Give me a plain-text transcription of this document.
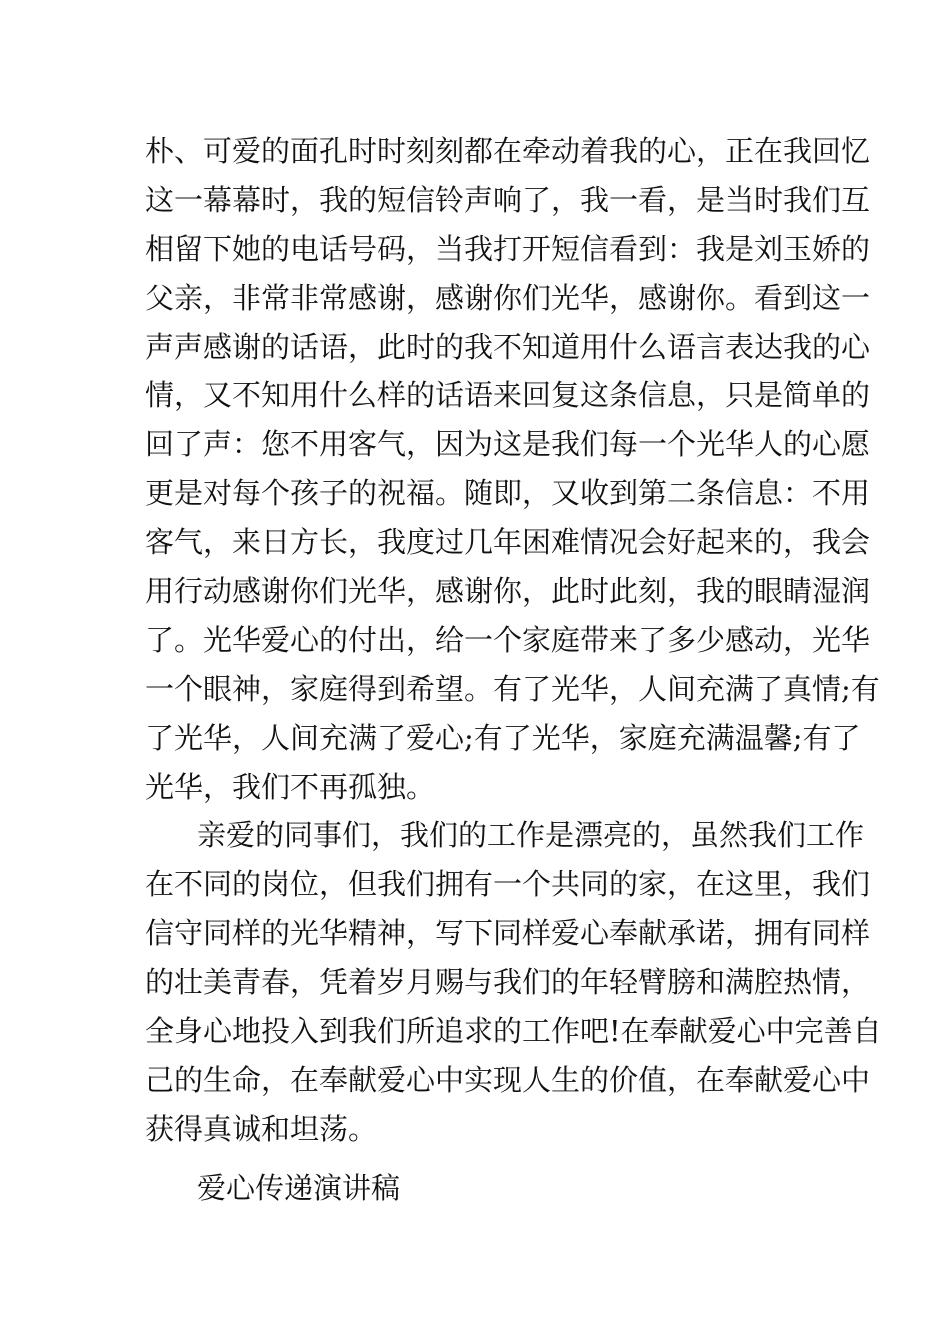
朴、可爱的面孔时时刻刻都在牵动着我的心，正在我回忆

这一幕幕时，我的短信铃声响了，我一看，是当时我们互

相留下她的电话号码，当我打开短信看到：我是刘玉娇的

父亲，非常非常感谢，感谢你们光华，感谢你。看到这一

声声感谢的话语，此时的我不知道用什么语言表达我的心

情，又不知用什么样的话语来回复这条信息，只是简单的

回了声：您不用客气，因为这是我们每一个光华人的心愿

更是对每个孩子的祝福。随即，又收到第二条信息：不用

客气，来日方长，我度过几年困难情况会好起来的，我会

用行动感谢你们光华，感谢你，此时此刻，我的眼睛湿润

了。光华爱心的付出，给一个家庭带来了多少感动，光华

一个眼神，家庭得到希望。有了光华，人间充满了真情;有

了光华，人间充满了爱心;有了光华，家庭充满温馨;有了

光华，我们不再孤独。

亲爱的同事们，我们的工作是漂亮的，虽然我们工作

在不同的岗位，但我们拥有一个共同的家，在这里，我们

信守同样的光华精神，写下同样爱心奉献承诺，拥有同样

的壮美青春，凭着岁月赐与我们的年轻臂膀和满腔热情，

全身心地投入到我们所追求的工作吧!在奉献爱心中完善自

己的生命，在奉献爱心中实现人生的价值，在奉献爱心中

获得真诚和坦荡。

爱心传递演讲稿
